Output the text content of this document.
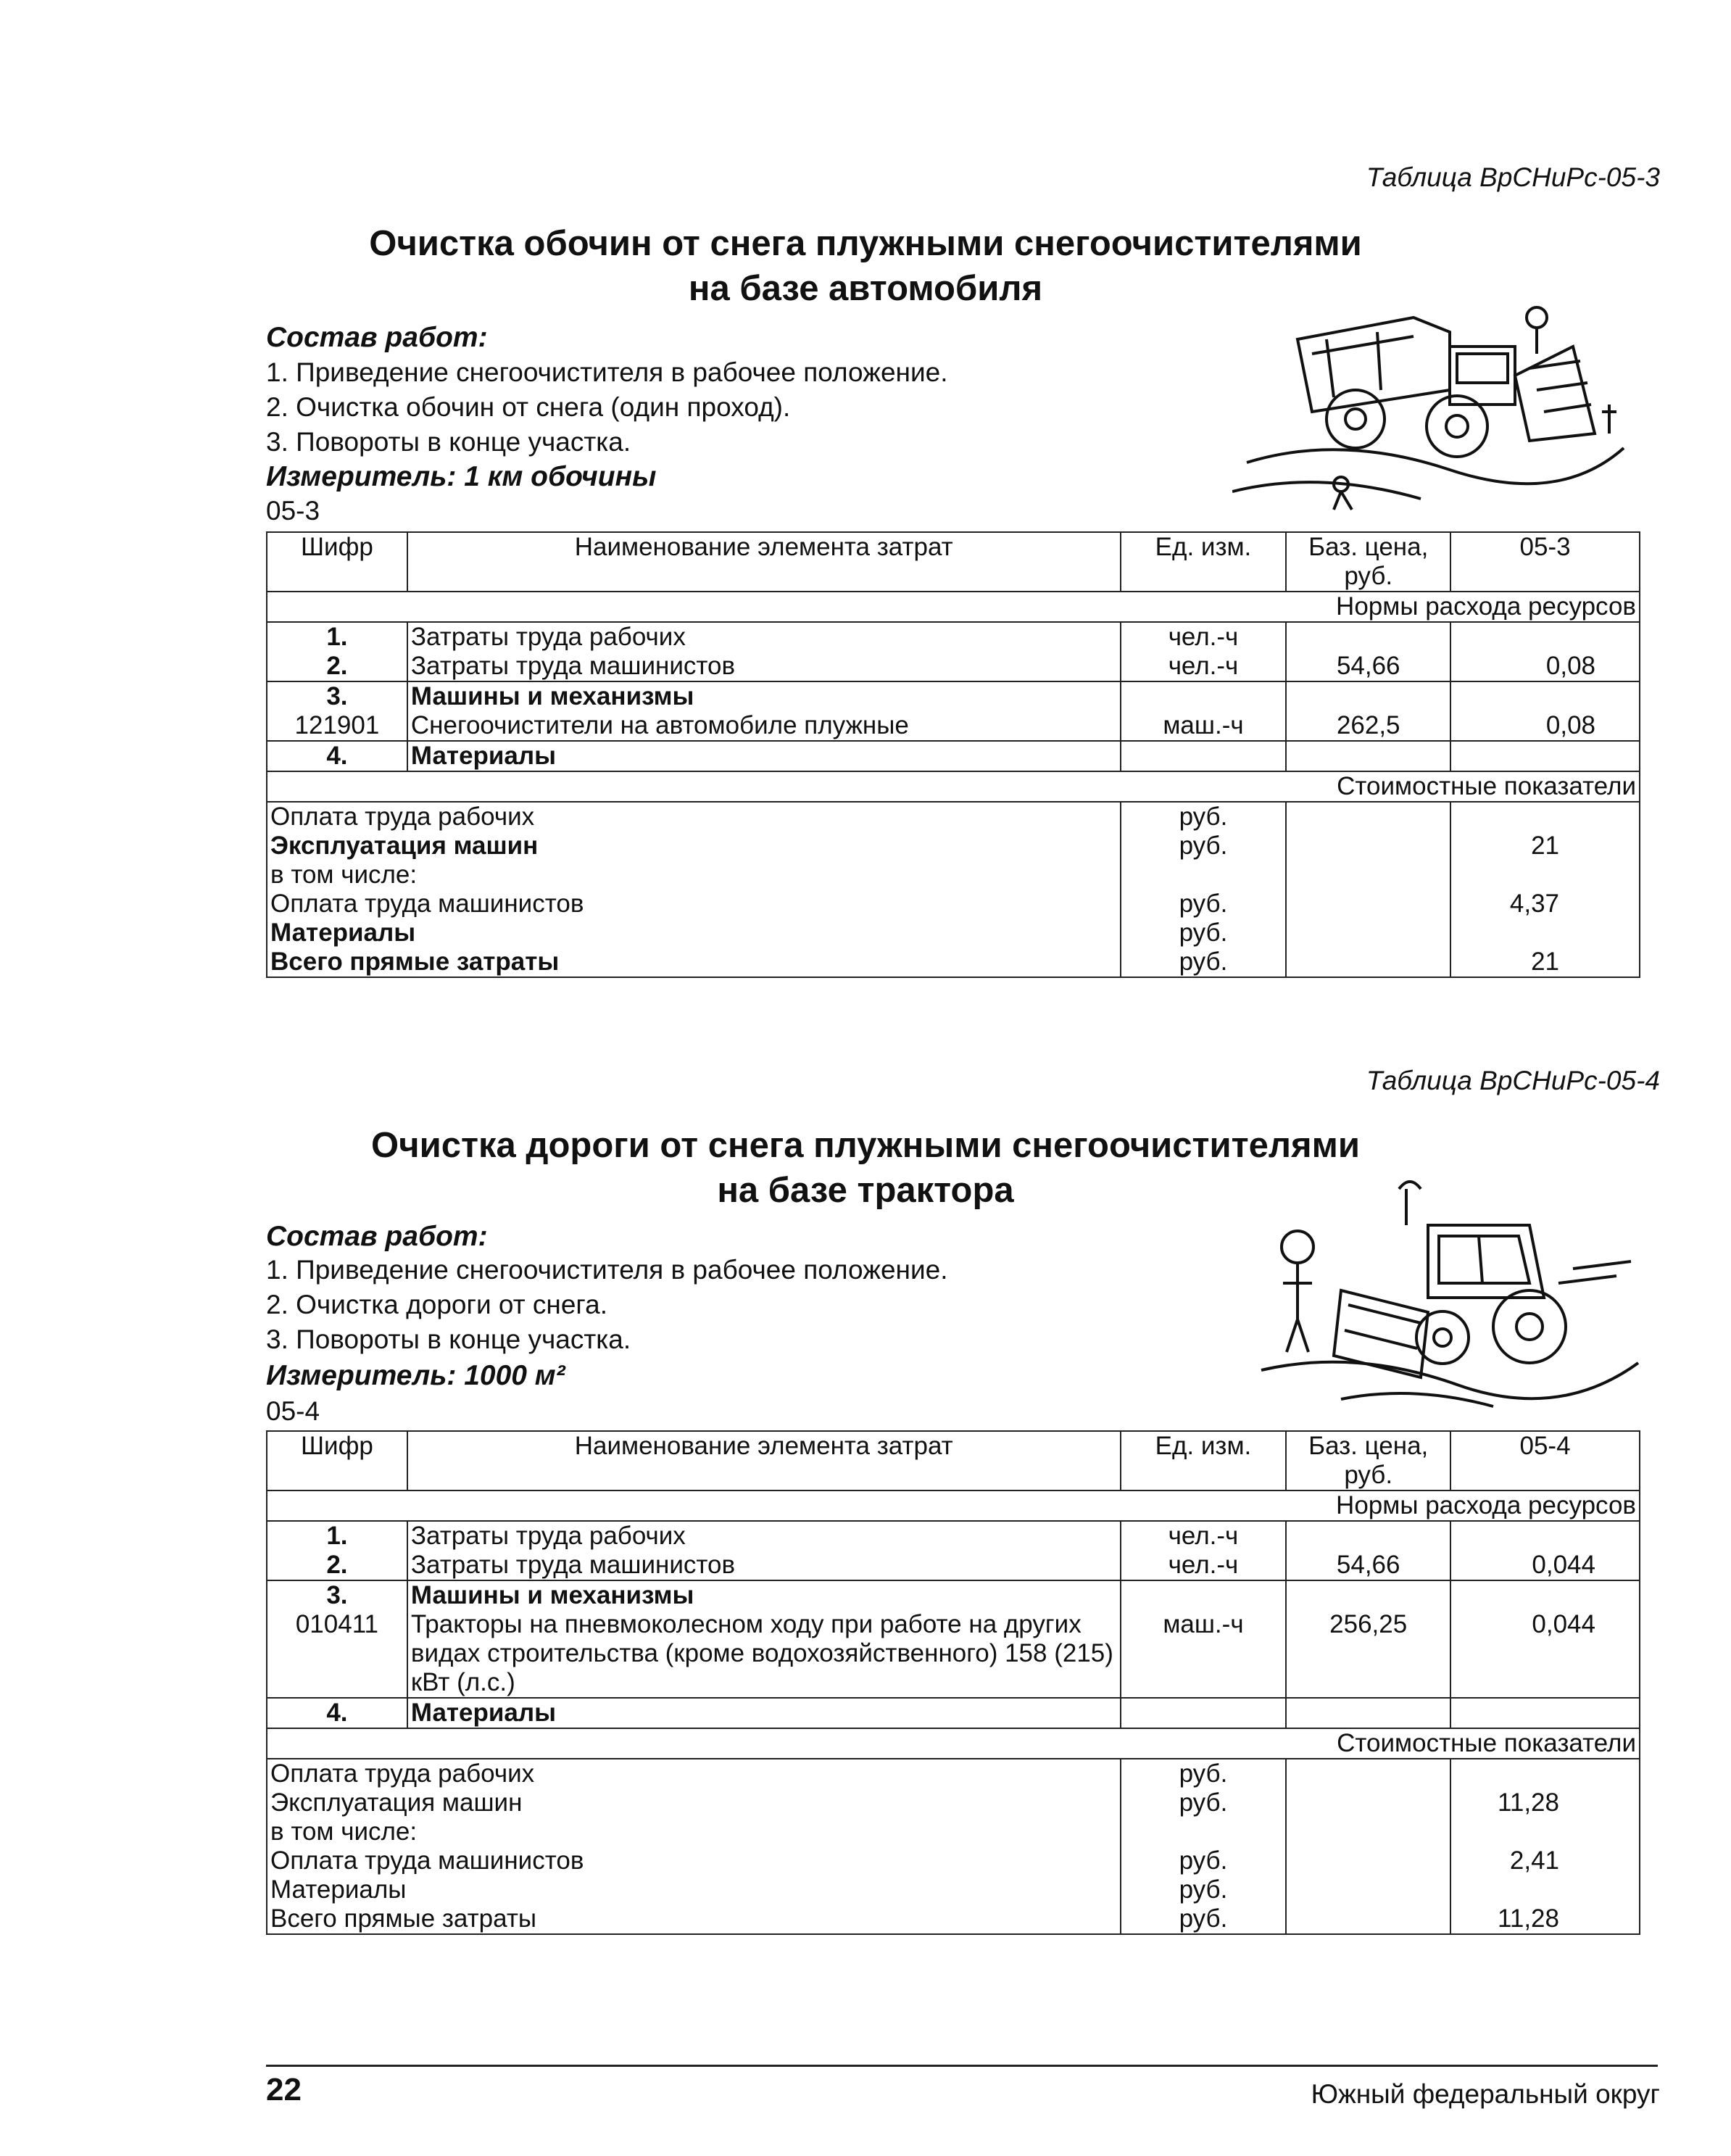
Таблица ВрСНиРс-05-3
Очистка обочин от снега плужными снегоочистителями
на базе автомобиля
Состав работ:
1. Приведение снегоочистителя в рабочее положение.
2. Очистка обочин от снега (один проход).
3. Повороты в конце участка.
Измеритель: 1 км обочины
05-3
Шифр	Наименование элемента затрат	Ед. изм.	Баз. цена, руб.	05-3
Нормы расхода ресурсов				
1.	Затраты труда рабочих	чел.-ч		
2.	Затраты труда машинистов	чел.-ч	54,66	0,08
3.	Машины и механизмы			
121901	Снегоочистители на автомобиле плужные	маш.-ч	262,5	0,08
4.	Материалы			
Стоимостные показатели				
Оплата труда рабочих		руб.		
Эксплуатация машин		руб.		21
в том числе:				
Оплата труда машинистов		руб.		4,37
Материалы		руб.		
Всего прямые затраты		руб.		21
Таблица ВрСНиРс-05-4
Очистка дороги от снега плужными снегоочистителями
на базе трактора
Состав работ:
1. Приведение снегоочистителя в рабочее положение.
2. Очистка дороги от снега.
3. Повороты в конце участка.
Измеритель: 1000 м²
05-4
Шифр	Наименование элемента затрат	Ед. изм.	Баз. цена, руб.	05-4
Нормы расхода ресурсов				
1.	Затраты труда рабочих	чел.-ч		
2.	Затраты труда машинистов	чел.-ч	54,66	0,044
3.	Машины и механизмы			
010411	Тракторы на пневмоколесном ходу при работе на других видах строительства (кроме водохозяйственного) 158 (215) кВт (л.с.)	маш.-ч	256,25	0,044
4.	Материалы			
Стоимостные показатели				
Оплата труда рабочих		руб.		
Эксплуатация машин		руб.		11,28
в том числе:				
Оплата труда машинистов		руб.		2,41
Материалы		руб.		
Всего прямые затраты		руб.		11,28
22	Южный федеральный округ
